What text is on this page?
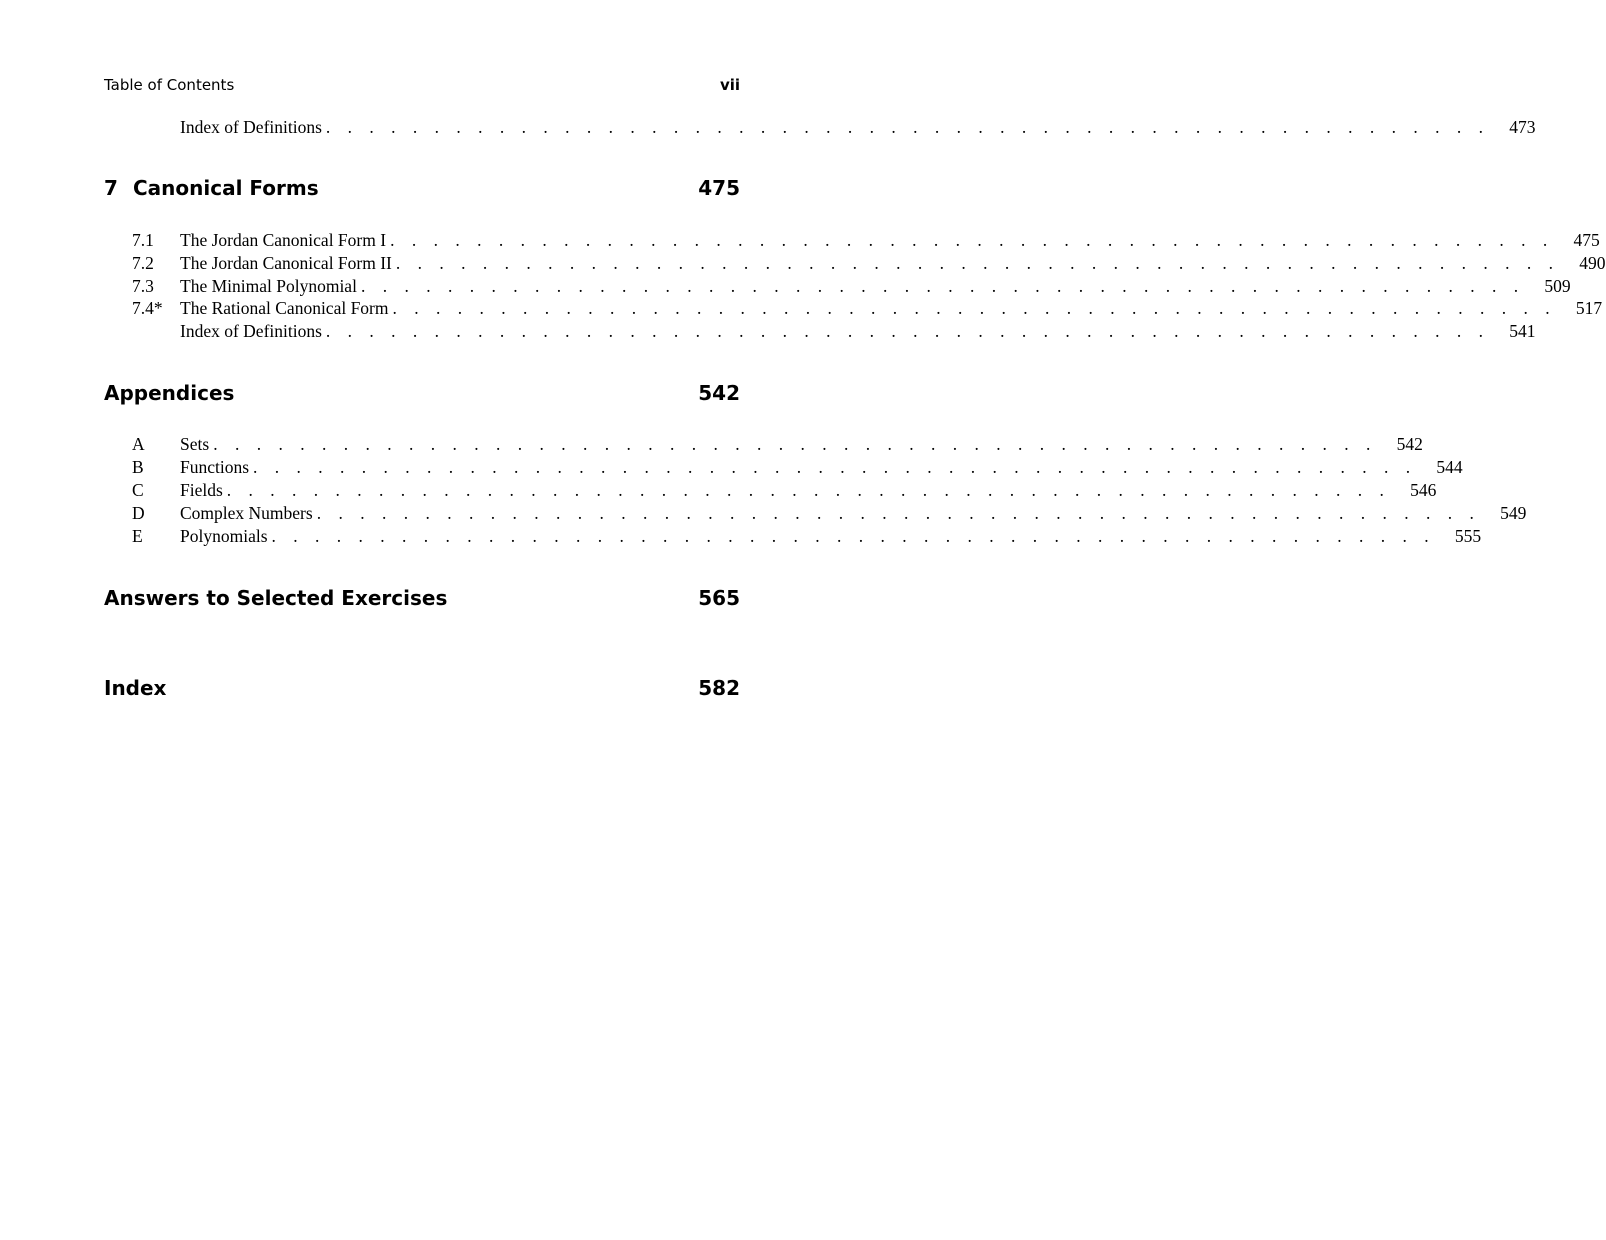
Table of Contents	vii
Index of Definitions . . . . . . . . . . . . . . . . . . . . . . . . . . . . . . . . . . . . . . . . . . . . . . . . . . . . . .	473
7 Canonical Forms	475
7.1 The Jordan Canonical Form I . . . . . . . . . . . . . . . . . . . . . . . . . . . . . . . . . . . . . . . . . . . . . . . . . . . . . .	475
7.2 The Jordan Canonical Form II . . . . . . . . . . . . . . . . . . . . . . . . . . . . . . . . . . . . . . . . . . . . . . . . . . . . . .	490
7.3 The Minimal Polynomial . . . . . . . . . . . . . . . . . . . . . . . . . . . . . . . . . . . . . . . . . . . . . . . . . . . . . .	509
7.4* The Rational Canonical Form . . . . . . . . . . . . . . . . . . . . . . . . . . . . . . . . . . . . . . . . . . . . . . . . . . . . . .	517
Index of Definitions . . . . . . . . . . . . . . . . . . . . . . . . . . . . . . . . . . . . . . . . . . . . . . . . . . . . . .	541
Appendices	542
A Sets . . . . . . . . . . . . . . . . . . . . . . . . . . . . . . . . . . . . . . . . . . . . . . . . . . . . . .	542
B Functions . . . . . . . . . . . . . . . . . . . . . . . . . . . . . . . . . . . . . . . . . . . . . . . . . . . . . .	544
C Fields . . . . . . . . . . . . . . . . . . . . . . . . . . . . . . . . . . . . . . . . . . . . . . . . . . . . . .	546
D Complex Numbers . . . . . . . . . . . . . . . . . . . . . . . . . . . . . . . . . . . . . . . . . . . . . . . . . . . . . .	549
E Polynomials . . . . . . . . . . . . . . . . . . . . . . . . . . . . . . . . . . . . . . . . . . . . . . . . . . . . . .	555
Answers to Selected Exercises	565
Index	582
